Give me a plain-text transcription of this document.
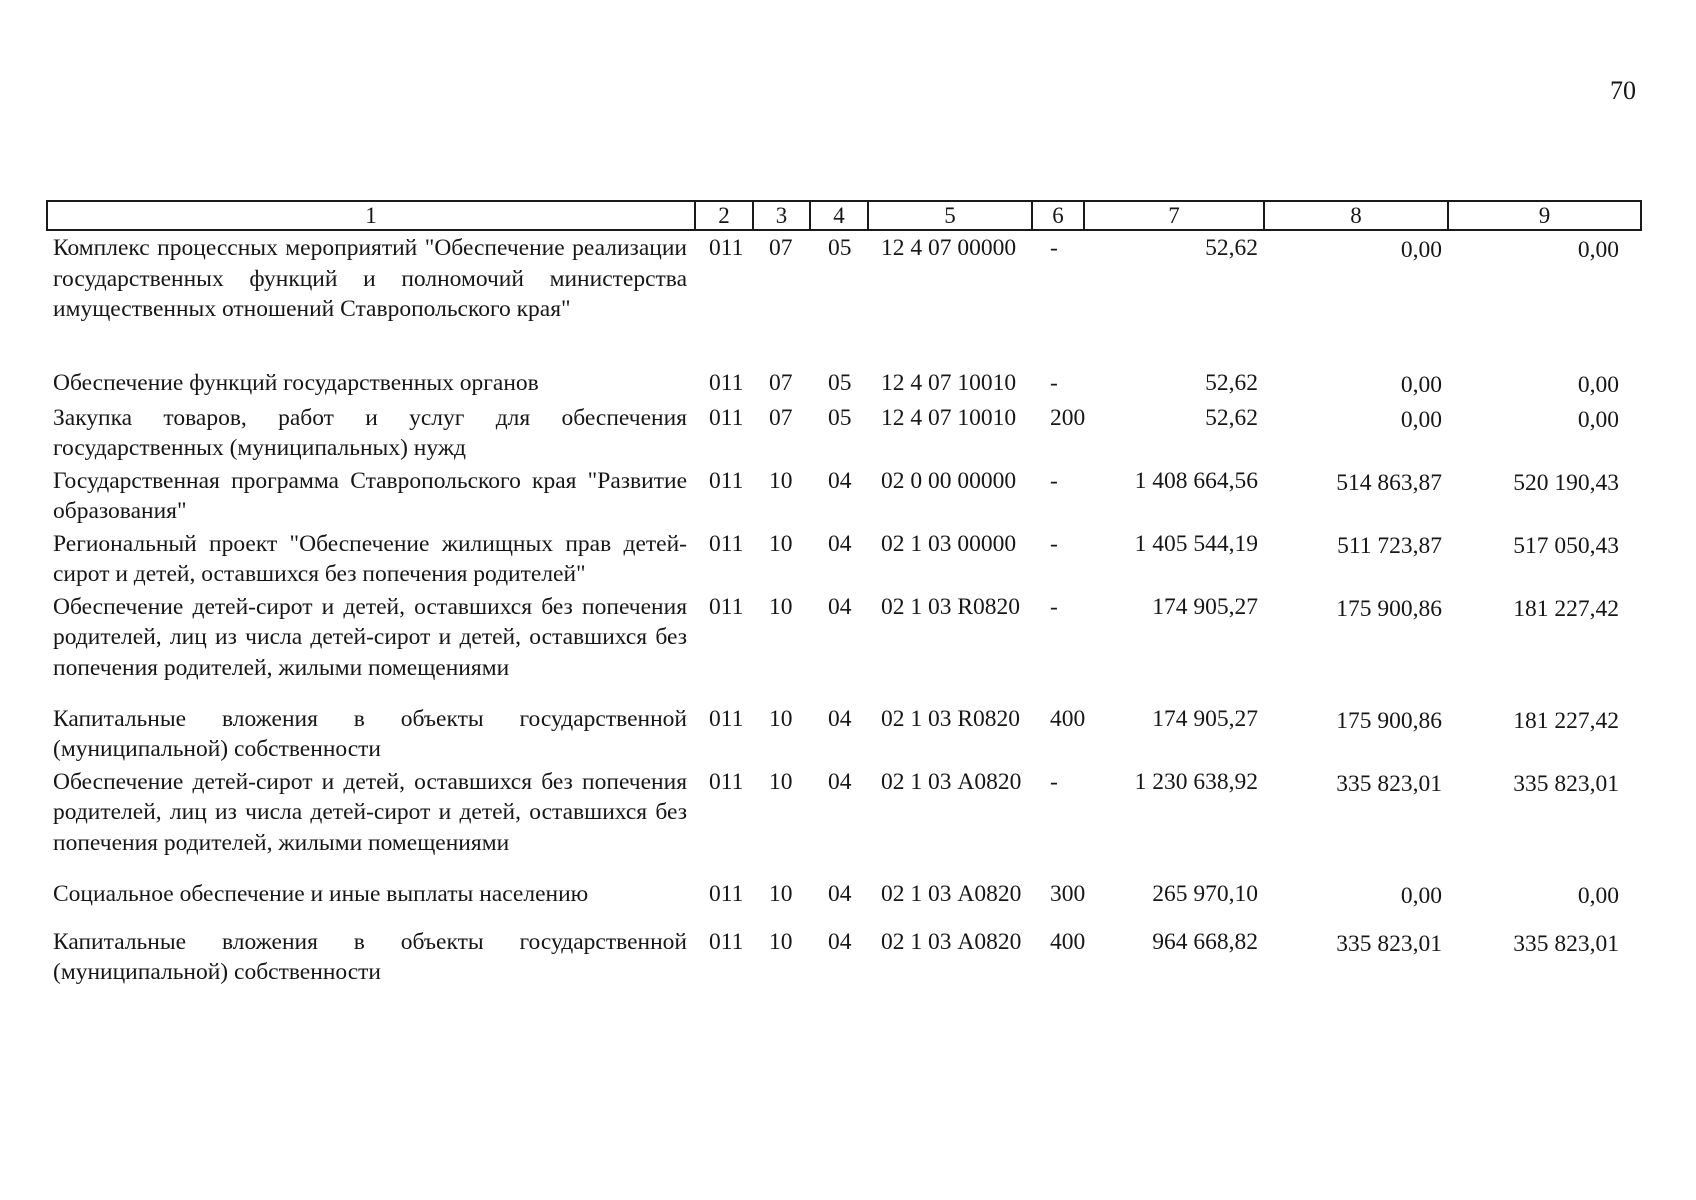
70
1	2	3	4	5	6	7	8	9
Комплекс процессных мероприятий "Обеспечение реализации государственных функций и полномочий министерства имущественных отношений Ставропольского края"	011	07	05	12 4 07 00000	-	52,62	0,00	0,00
Обеспечение функций государственных органов	011	07	05	12 4 07 10010	-	52,62	0,00	0,00
Закупка товаров, работ и услуг для обеспечения государственных (муниципальных) нужд	011	07	05	12 4 07 10010	200	52,62	0,00	0,00
Государственная программа Ставропольского края "Развитие образования"	011	10	04	02 0 00 00000	-	1 408 664,56	514 863,87	520 190,43
Региональный проект "Обеспечение жилищных прав детей-сирот и детей, оставшихся без попечения родителей"	011	10	04	02 1 03 00000	-	1 405 544,19	511 723,87	517 050,43
Обеспечение детей-сирот и детей, оставшихся без попечения родителей, лиц из числа детей-сирот и детей, оставшихся без попечения родителей, жилыми помещениями	011	10	04	02 1 03 R0820	-	174 905,27	175 900,86	181 227,42
Капитальные вложения в объекты государственной (муниципальной) собственности	011	10	04	02 1 03 R0820	400	174 905,27	175 900,86	181 227,42
Обеспечение детей-сирот и детей, оставшихся без попечения родителей, лиц из числа детей-сирот и детей, оставшихся без попечения родителей, жилыми помещениями	011	10	04	02 1 03 А0820	-	1 230 638,92	335 823,01	335 823,01
Социальное обеспечение и иные выплаты населению	011	10	04	02 1 03 А0820	300	265 970,10	0,00	0,00
Капитальные вложения в объекты государственной (муниципальной) собственности	011	10	04	02 1 03 А0820	400	964 668,82	335 823,01	335 823,01
